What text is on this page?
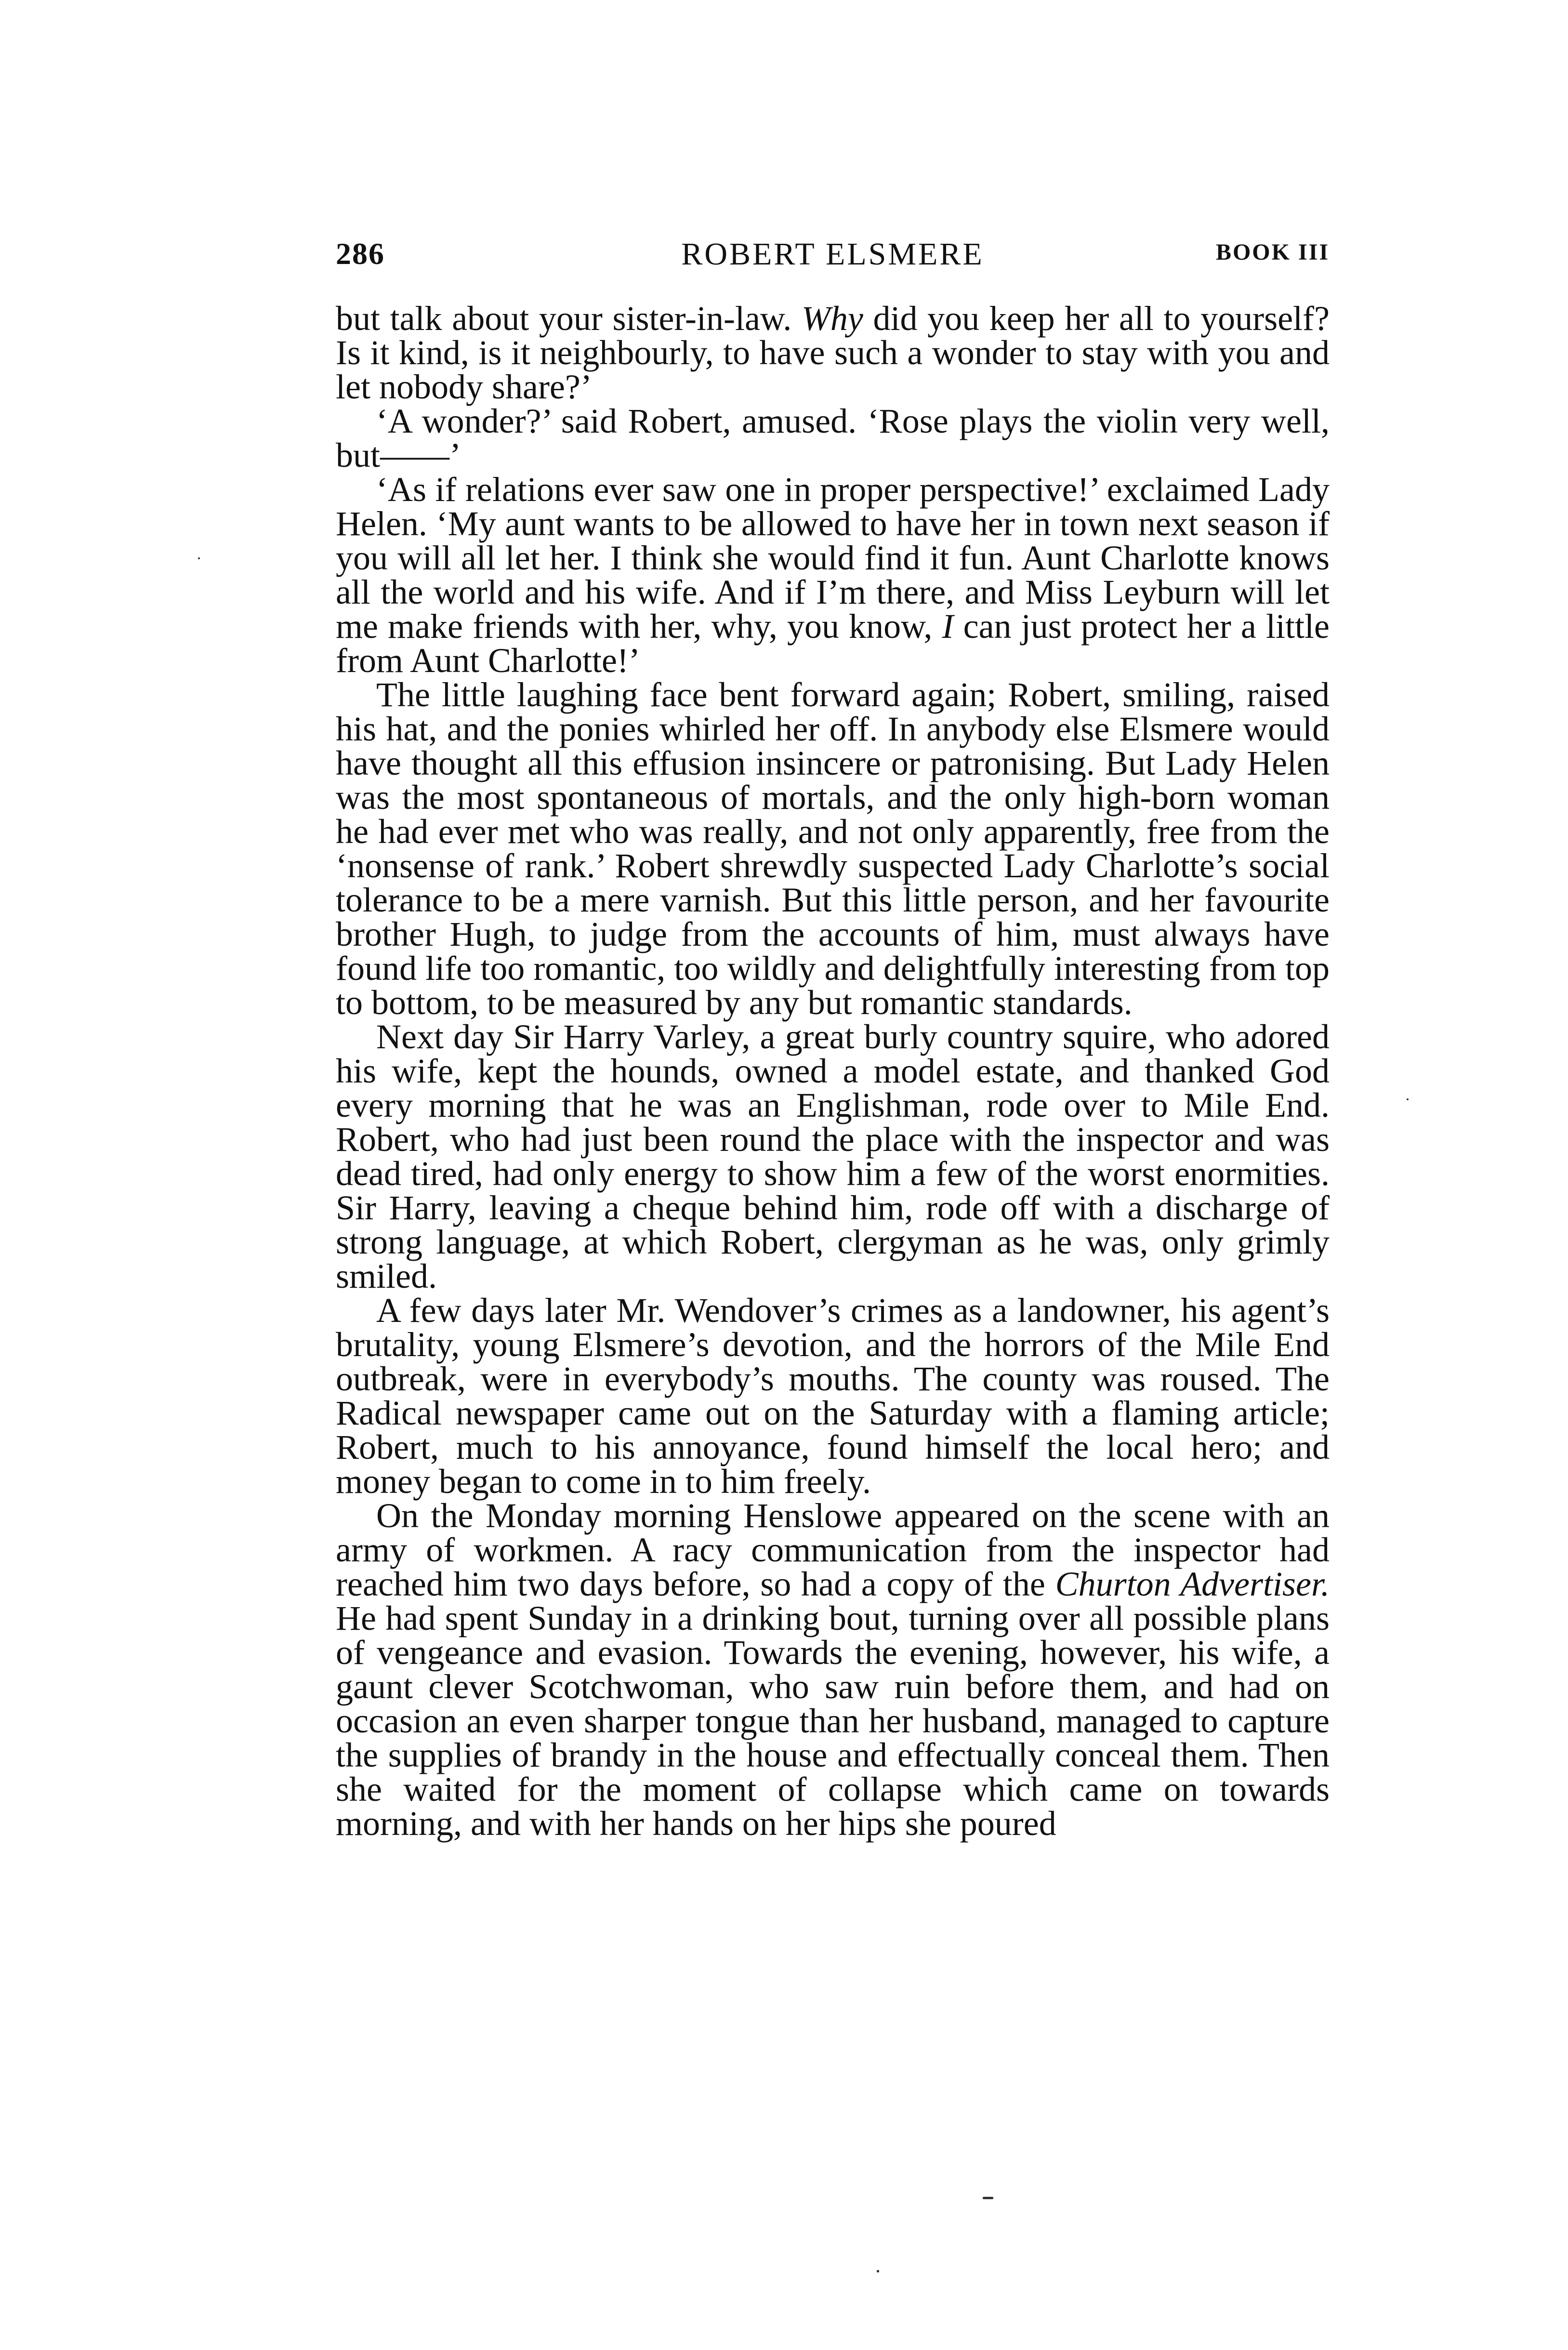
286	ROBERT ELSMERE	BOOK III

but talk about your sister-in-law. Why did you keep her all to yourself? Is it kind, is it neighbourly, to have such a wonder to stay with you and let nobody share?’

‘A wonder?’ said Robert, amused. ‘Rose plays the violin very well, but——’

‘As if relations ever saw one in proper perspective!’ exclaimed Lady Helen. ‘My aunt wants to be allowed to have her in town next season if you will all let her. I think she would find it fun. Aunt Charlotte knows all the world and his wife. And if I’m there, and Miss Leyburn will let me make friends with her, why, you know, I can just protect her a little from Aunt Charlotte!’

The little laughing face bent forward again; Robert, smiling, raised his hat, and the ponies whirled her off. In anybody else Elsmere would have thought all this effusion insincere or patronising. But Lady Helen was the most spontaneous of mortals, and the only high-born woman he had ever met who was really, and not only apparently, free from the ‘nonsense of rank.’ Robert shrewdly suspected Lady Charlotte’s social tolerance to be a mere varnish. But this little person, and her favourite brother Hugh, to judge from the accounts of him, must always have found life too romantic, too wildly and delightfully interesting from top to bottom, to be measured by any but romantic standards.

Next day Sir Harry Varley, a great burly country squire, who adored his wife, kept the hounds, owned a model estate, and thanked God every morning that he was an Englishman, rode over to Mile End. Robert, who had just been round the place with the inspector and was dead tired, had only energy to show him a few of the worst enormities. Sir Harry, leaving a cheque behind him, rode off with a discharge of strong language, at which Robert, clergyman as he was, only grimly smiled.

A few days later Mr. Wendover’s crimes as a landowner, his agent’s brutality, young Elsmere’s devotion, and the horrors of the Mile End outbreak, were in everybody’s mouths. The county was roused. The Radical newspaper came out on the Saturday with a flaming article; Robert, much to his annoyance, found himself the local hero; and money began to come in to him freely.

On the Monday morning Henslowe appeared on the scene with an army of workmen. A racy communication from the inspector had reached him two days before, so had a copy of the Churton Advertiser. He had spent Sunday in a drinking bout, turning over all possible plans of vengeance and evasion. Towards the evening, however, his wife, a gaunt clever Scotchwoman, who saw ruin before them, and had on occasion an even sharper tongue than her husband, managed to capture the supplies of brandy in the house and effectually conceal them. Then she waited for the moment of collapse which came on towards morning, and with her hands on her hips she poured
